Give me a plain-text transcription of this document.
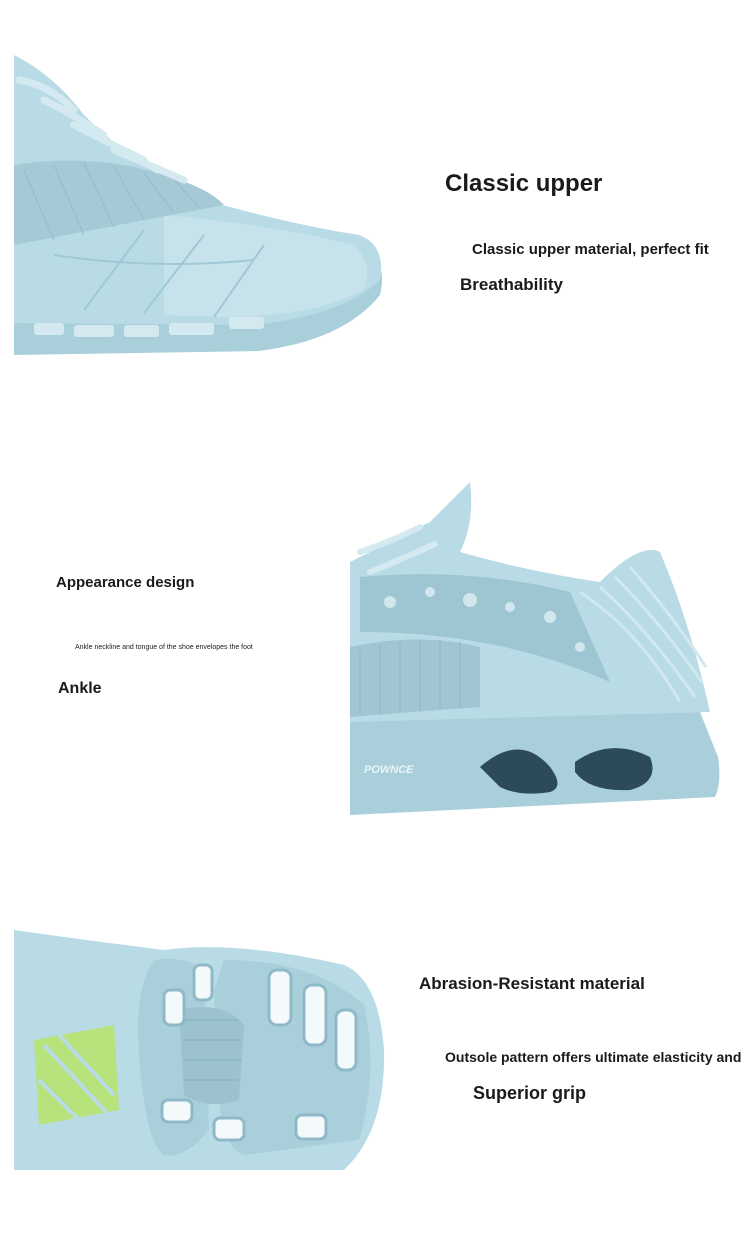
Classic upper
Classic upper material, perfect fit
Breathability
Appearance design
Ankle neckline and tongue of the shoe envelopes the foot
Ankle
POWNCE
Abrasion-Resistant material
Outsole pattern offers ultimate elasticity and
Superior grip
